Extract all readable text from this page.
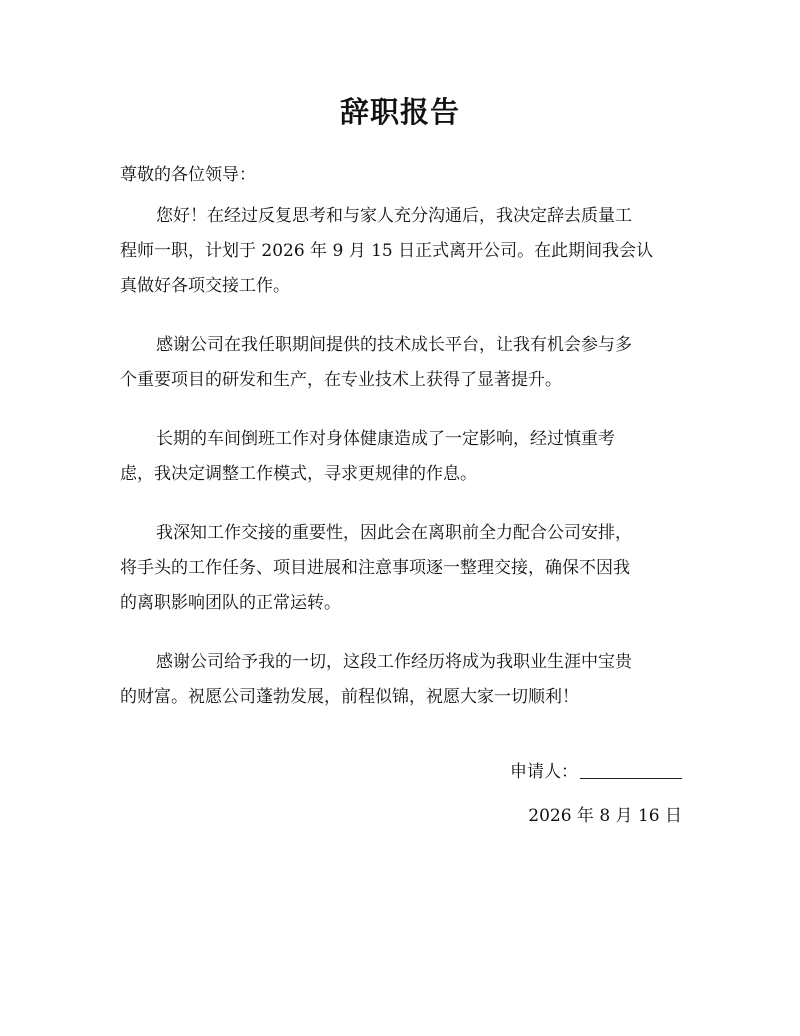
辞职报告
尊敬的各位领导：
您好！在经过反复思考和与家人充分沟通后，我决定辞去质量工
程师一职，计划于 2026 年 9 月 15 日正式离开公司。在此期间我会认
真做好各项交接工作。
感谢公司在我任职期间提供的技术成长平台，让我有机会参与多
个重要项目的研发和生产，在专业技术上获得了显著提升。
长期的车间倒班工作对身体健康造成了一定影响，经过慎重考
虑，我决定调整工作模式，寻求更规律的作息。
我深知工作交接的重要性，因此会在离职前全力配合公司安排，
将手头的工作任务、项目进展和注意事项逐一整理交接，确保不因我
的离职影响团队的正常运转。
感谢公司给予我的一切，这段工作经历将成为我职业生涯中宝贵
的财富。祝愿公司蓬勃发展，前程似锦，祝愿大家一切顺利！
申请人：
2026 年 8 月 16 日
